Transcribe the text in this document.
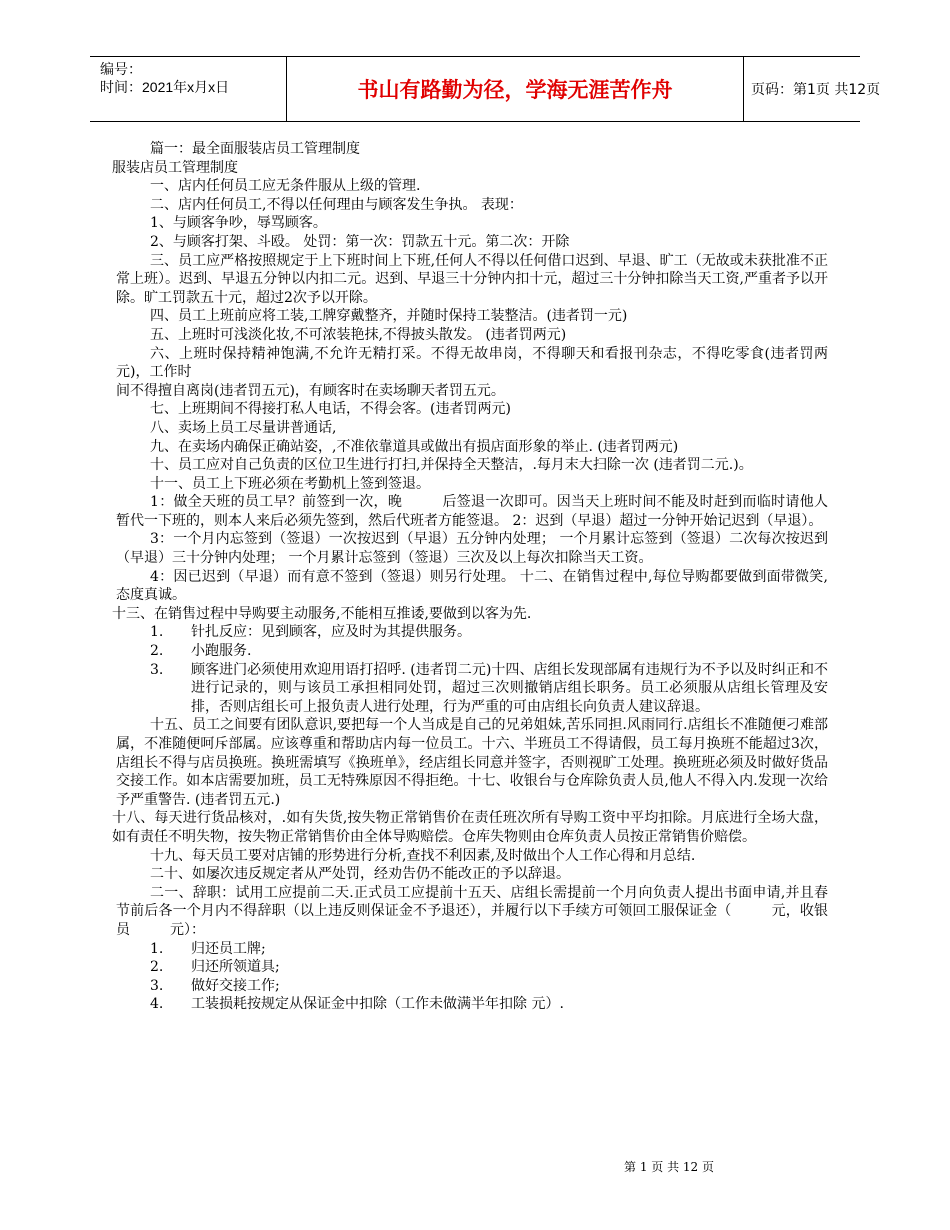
编号：
时间：2021年x月x日	书山有路勤为径，学海无涯苦作舟	页码：第1页 共12页

篇一：最全面服装店员工管理制度

服装店员工管理制度

一、店内任何员工应无条件服从上级的管理.

二、店内任何员工,不得以任何理由与顾客发生争执。 表现：

1、与顾客争吵，辱骂顾客。

2、与顾客打架、斗殴。 处罚：第一次：罚款五十元。第二次：开除

三、员工应严格按照规定于上下班时间上下班,任何人不得以任何借口迟到、早退、旷工（无故或未获批准不正常上班）。迟到、早退五分钟以内扣二元。迟到、早退三十分钟内扣十元，超过三十分钟扣除当天工资,严重者予以开除。旷工罚款五十元，超过2次予以开除。

四、员工上班前应将工装,工牌穿戴整齐，并随时保持工装整洁。(违者罚一元)

五、上班时可浅淡化妆,不可浓装艳抹,不得披头散发。 (违者罚两元)

六、上班时保持精神饱满,不允许无精打采。不得无故串岗，不得聊天和看报刊杂志，不得吃零食(违者罚两元)，工作时

间不得擅自离岗(违者罚五元)，有顾客时在卖场聊天者罚五元。

七、上班期间不得接打私人电话，不得会客。(违者罚两元)

八、卖场上员工尽量讲普通话,

九、在卖场内确保正确站姿，,不准依靠道具或做出有损店面形象的举止. (违者罚两元)

十、员工应对自己负责的区位卫生进行打扫,并保持全天整洁，.每月末大扫除一次 (违者罚二元.)。

十一、员工上下班必须在考勤机上签到签退。

1：做全天班的员工早？前签到一次，晚	后签退一次即可。因当天上班时间不能及时赶到而临时请他人暂代一下班的，则本人来后必须先签到，然后代班者方能签退。 2：迟到（早退）超过一分钟开始记迟到（早退）。

3：一个月内忘签到（签退）一次按迟到（早退）五分钟内处理； 一个月累计忘签到（签退）二次每次按迟到（早退）三十分钟内处理； 一个月累计忘签到（签退）三次及以上每次扣除当天工资。

4：因已迟到（早退）而有意不签到（签退）则另行处理。 十二、在销售过程中,每位导购都要做到面带微笑,态度真诚。

十三、在销售过程中导购要主动服务,不能相互推诿,要做到以客为先.

1. 针扎反应：见到顾客，应及时为其提供服务。
2. 小跑服务.
3. 顾客进门必须使用欢迎用语打招呼. (违者罚二元)十四、店组长发现部属有违规行为不予以及时纠正和不进行记录的，则与该员工承担相同处罚，超过三次则撤销店组长职务。员工必须服从店组长管理及安排，否则店组长可上报负责人进行处理，行为严重的可由店组长向负责人建议辞退。

十五、员工之间要有团队意识,要把每一个人当成是自己的兄弟姐妹,苦乐同担.风雨同行.店组长不准随便刁难部属，不准随便呵斥部属。应该尊重和帮助店内每一位员工。十六、半班员工不得请假，员工每月换班不能超过3次，店组长不得与店员换班。换班需填写《换班单》，经店组长同意并签字，否则视旷工处理。换班班必须及时做好货品交接工作。如本店需要加班，员工无特殊原因不得拒绝。十七、收银台与仓库除负责人员,他人不得入内.发现一次给予严重警告. (违者罚五元.)

十八、每天进行货品核对，.如有失货,按失物正常销售价在责任班次所有导购工资中平均扣除。月底进行全场大盘，如有责任不明失物，按失物正常销售价由全体导购赔偿。仓库失物则由仓库负责人员按正常销售价赔偿。

十九、每天员工要对店铺的形势进行分析,查找不利因素,及时做出个人工作心得和月总结.

二十、如屡次违反规定者从严处罚，经劝告仍不能改正的予以辞退。

二一、辞职：试用工应提前二天.正式员工应提前十五天、店组长需提前一个月向负责人提出书面申请,并且春节前后各一个月内不得辞职（以上违反则保证金不予退还），并履行以下手续方可领回工服保证金（	元，收银员	元）：

1. 归还员工牌;
2. 归还所领道具;
3. 做好交接工作;
4. 工装损耗按规定从保证金中扣除（工作未做满半年扣除 元）.
第 1 页 共 12 页
